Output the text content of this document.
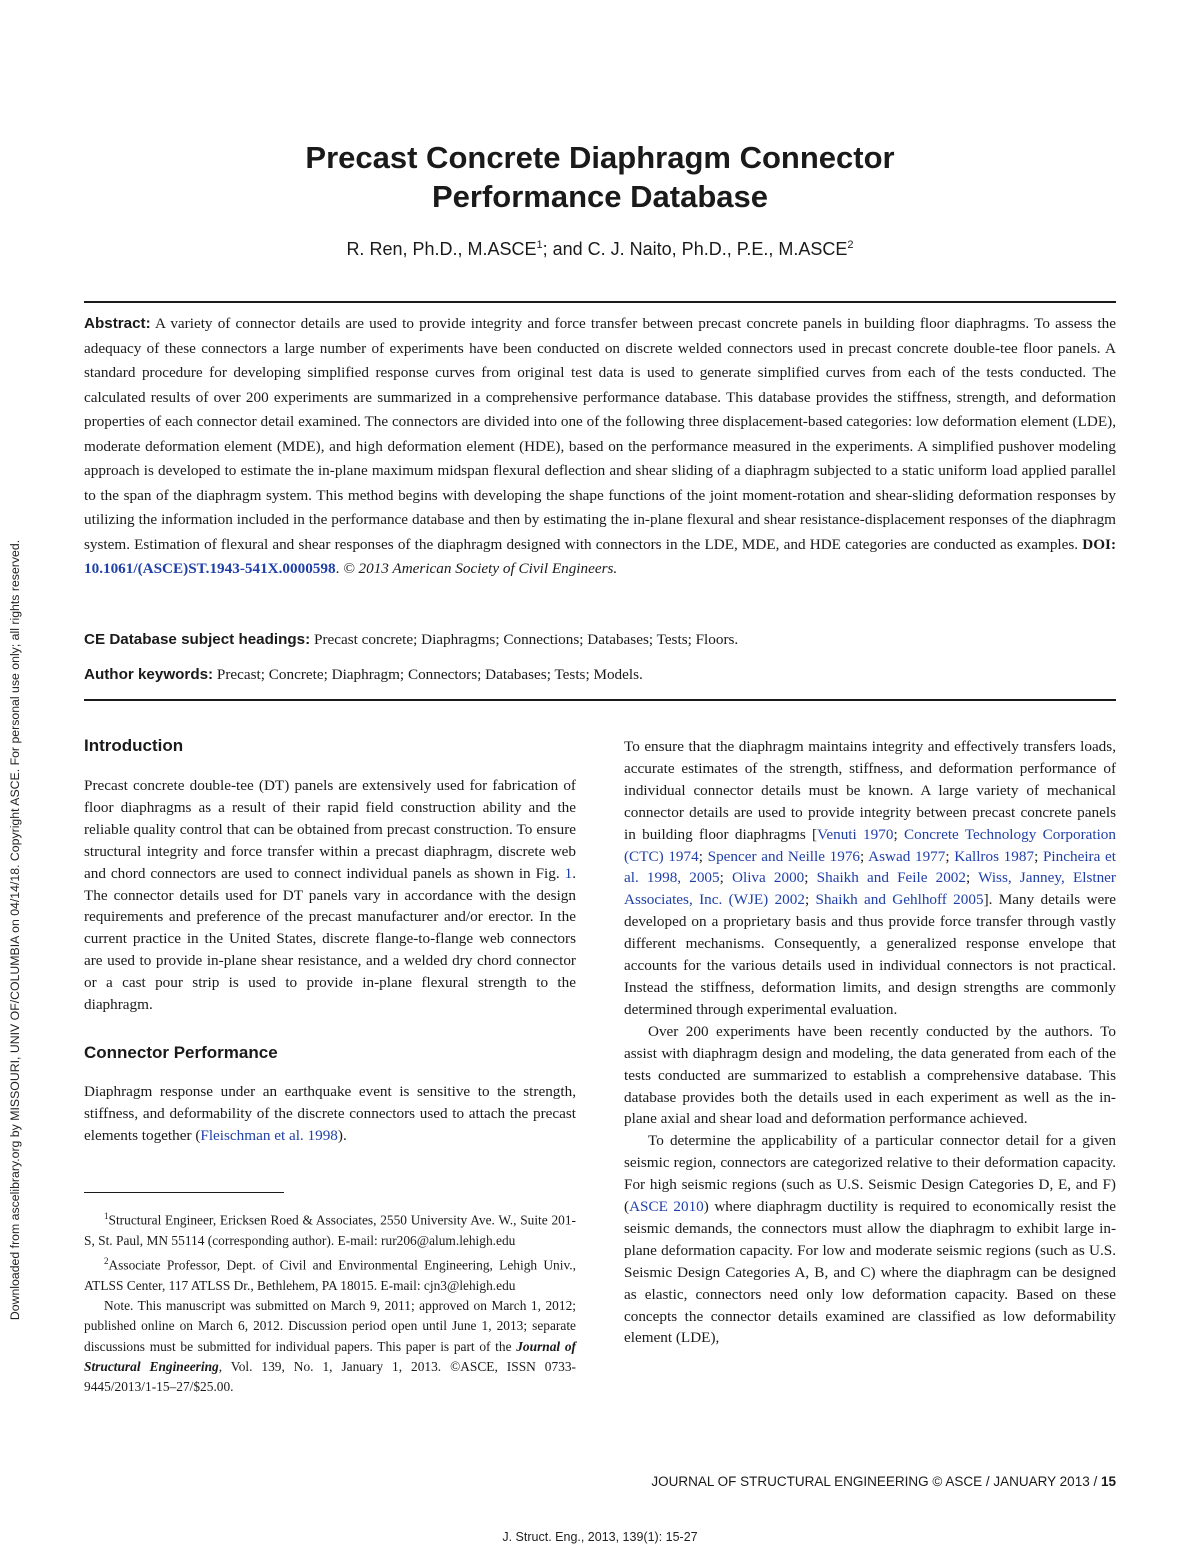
Downloaded from ascelibrary.org by MISSOURI, UNIV OF/COLUMBIA on 04/14/18. Copyright ASCE. For personal use only; all rights reserved.
Precast Concrete Diaphragm Connector
Performance Database
R. Ren, Ph.D., M.ASCE$^1$; and C. J. Naito, Ph.D., P.E., M.ASCE$^2$
Abstract: A variety of connector details are used to provide integrity and force transfer between precast concrete panels in building floor diaphragms. To assess the adequacy of these connectors a large number of experiments have been conducted on discrete welded connectors used in precast concrete double-tee floor panels. A standard procedure for developing simplified response curves from original test data is used to generate simplified curves from each of the tests conducted. The calculated results of over 200 experiments are summarized in a comprehensive performance database. This database provides the stiffness, strength, and deformation properties of each connector detail examined. The connectors are divided into one of the following three displacement-based categories: low deformation element (LDE), moderate deformation element (MDE), and high deformation element (HDE), based on the performance measured in the experiments. A simplified pushover modeling approach is developed to estimate the in-plane maximum midspan flexural deflection and shear sliding of a diaphragm subjected to a static uniform load applied parallel to the span of the diaphragm system. This method begins with developing the shape functions of the joint moment-rotation and shear-sliding deformation responses by utilizing the information included in the performance database and then by estimating the in-plane flexural and shear resistance-displacement responses of the diaphragm system. Estimation of flexural and shear responses of the diaphragm designed with connectors in the LDE, MDE, and HDE categories are conducted as examples. DOI: 10.1061/(ASCE)ST.1943-541X.0000598. © 2013 American Society of Civil Engineers.
CE Database subject headings: Precast concrete; Diaphragms; Connections; Databases; Tests; Floors.
Author keywords: Precast; Concrete; Diaphragm; Connectors; Databases; Tests; Models.
Introduction

Precast concrete double-tee (DT) panels are extensively used for fabrication of floor diaphragms as a result of their rapid field construction ability and the reliable quality control that can be obtained from precast construction. To ensure structural integrity and force transfer within a precast diaphragm, discrete web and chord connectors are used to connect individual panels as shown in Fig. 1. The connector details used for DT panels vary in accordance with the design requirements and preference of the precast manufacturer and/or erector. In the current practice in the United States, discrete flange-to-flange web connectors are used to provide in-plane shear resistance, and a welded dry chord connector or a cast pour strip is used to provide in-plane flexural strength to the diaphragm.

Connector Performance

Diaphragm response under an earthquake event is sensitive to the strength, stiffness, and deformability of the discrete connectors used to attach the precast elements together (Fleischman et al. 1998).

$^1$Structural Engineer, Ericksen Roed & Associates, 2550 University Ave. W., Suite 201-S, St. Paul, MN 55114 (corresponding author). E-mail: rur206@alum.lehigh.edu

$^2$Associate Professor, Dept. of Civil and Environmental Engineering, Lehigh Univ., ATLSS Center, 117 ATLSS Dr., Bethlehem, PA 18015. E-mail: cjn3@lehigh.edu

Note. This manuscript was submitted on March 9, 2011; approved on March 1, 2012; published online on March 6, 2012. Discussion period open until June 1, 2013; separate discussions must be submitted for individual papers. This paper is part of the Journal of Structural Engineering, Vol. 139, No. 1, January 1, 2013. ©ASCE, ISSN 0733-9445/2013/1-15–27/$25.00.

To ensure that the diaphragm maintains integrity and effectively transfers loads, accurate estimates of the strength, stiffness, and deformation performance of individual connector details must be known. A large variety of mechanical connector details are used to provide integrity between precast concrete panels in building floor diaphragms [Venuti 1970; Concrete Technology Corporation (CTC) 1974; Spencer and Neille 1976; Aswad 1977; Kallros 1987; Pincheira et al. 1998, 2005; Oliva 2000; Shaikh and Feile 2002; Wiss, Janney, Elstner Associates, Inc. (WJE) 2002; Shaikh and Gehlhoff 2005]. Many details were developed on a proprietary basis and thus provide force transfer through vastly different mechanisms. Consequently, a generalized response envelope that accounts for the various details used in individual connectors is not practical. Instead the stiffness, deformation limits, and design strengths are commonly determined through experimental evaluation.

Over 200 experiments have been recently conducted by the authors. To assist with diaphragm design and modeling, the data generated from each of the tests conducted are summarized to establish a comprehensive database. This database provides both the details used in each experiment as well as the in-plane axial and shear load and deformation performance achieved.

To determine the applicability of a particular connector detail for a given seismic region, connectors are categorized relative to their deformation capacity. For high seismic regions (such as U.S. Seismic Design Categories D, E, and F) (ASCE 2010) where diaphragm ductility is required to economically resist the seismic demands, the connectors must allow the diaphragm to exhibit large in-plane deformation capacity. For low and moderate seismic regions (such as U.S. Seismic Design Categories A, B, and C) where the diaphragm can be designed as elastic, connectors need only low deformation capacity. Based on these concepts the connector details examined are classified as low deformability element (LDE),

JOURNAL OF STRUCTURAL ENGINEERING © ASCE / JANUARY 2013 / 15
J. Struct. Eng., 2013, 139(1): 15-27
